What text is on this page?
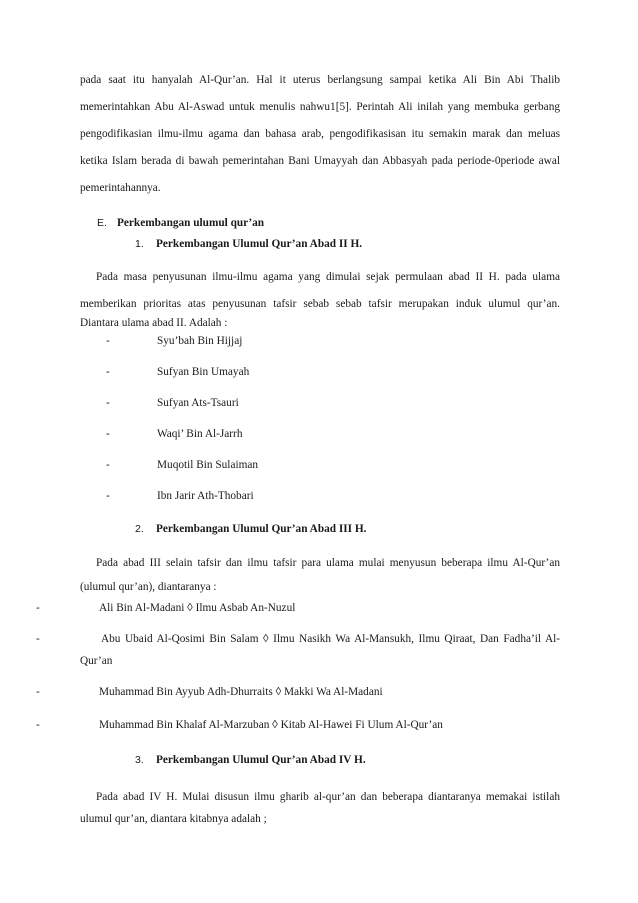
pada saat itu hanyalah Al-Qur’an. Hal it uterus berlangsung sampai ketika Ali Bin Abi Thalib
memerintahkan Abu Al-Aswad untuk menulis nahwu1[5]. Perintah Ali inilah yang membuka gerbang
pengodifikasian ilmu-ilmu agama dan bahasa arab, pengodifikasisan itu semakin marak dan meluas
ketika Islam berada di bawah pemerintahan Bani Umayyah dan Abbasyah pada periode-0periode awal
pemerintahannya.
E. Perkembangan ulumul qur’an
1. Perkembangan Ulumul Qur’an Abad II H.
Pada masa penyusunan ilmu-ilmu agama yang dimulai sejak permulaan abad II H. pada ulama
memberikan prioritas atas penyusunan tafsir sebab sebab tafsir merupakan induk ulumul qur’an.
Diantara ulama abad II. Adalah :
-	Syu’bah Bin Hijjaj
-	Sufyan Bin Umayah
-	Sufyan Ats-Tsauri
-	Waqi’ Bin Al-Jarrh
-	Muqotil Bin Sulaiman
-	Ibn Jarir Ath-Thobari
2. Perkembangan Ulumul Qur’an Abad III H.
Pada abad III selain tafsir dan ilmu tafsir para ulama mulai menyusun beberapa ilmu Al-Qur’an
(ulumul qur’an), diantaranya :
-	Ali Bin Al-Madani ◊ Ilmu Asbab An-Nuzul
-	Abu Ubaid Al-Qosimi Bin Salam ◊ Ilmu Nasikh Wa Al-Mansukh, Ilmu Qiraat, Dan Fadha’il Al-
Qur’an
-	Muhammad Bin Ayyub Adh-Dhurraits ◊ Makki Wa Al-Madani
-	Muhammad Bin Khalaf Al-Marzuban ◊ Kitab Al-Hawei Fi Ulum Al-Qur’an
3. Perkembangan Ulumul Qur’an Abad IV H.
Pada abad IV H. Mulai disusun ilmu gharib al-qur’an dan beberapa diantaranya memakai istilah
ulumul qur’an, diantara kitabnya adalah ;
